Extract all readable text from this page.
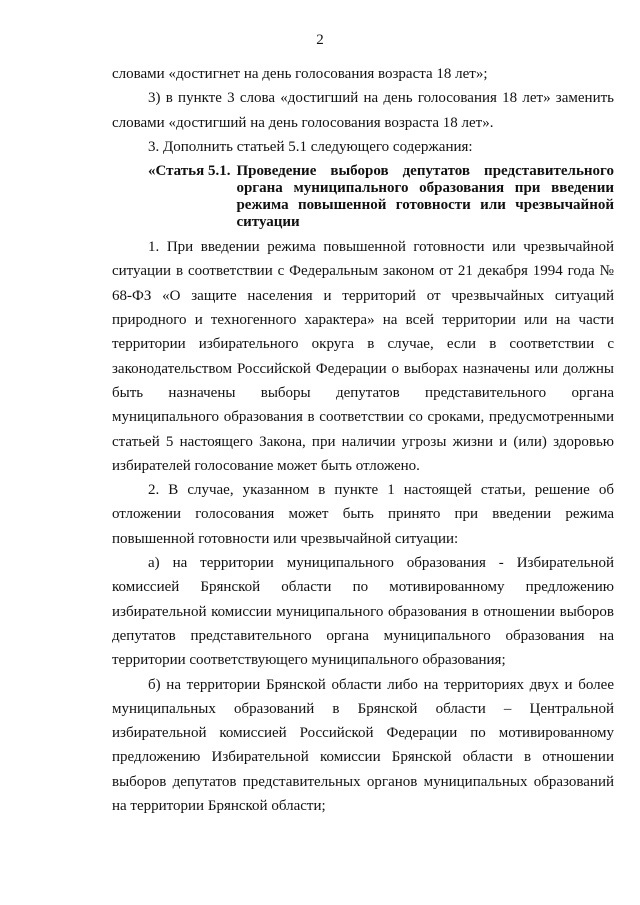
2

словами «достигнет на день голосования возраста 18 лет»;

3) в пункте 3 слова «достигший на день голосования 18 лет» заменить словами «достигший на день голосования возраста 18 лет».

3. Дополнить статьей 5.1 следующего содержания:

«Статья 5.1. Проведение выборов депутатов представительного органа муниципального образования при введении режима повышенной готовности или чрезвычайной ситуации

1. При введении режима повышенной готовности или чрезвычайной ситуации в соответствии с Федеральным законом от 21 декабря 1994 года № 68-ФЗ «О защите населения и территорий от чрезвычайных ситуаций природного и техногенного характера» на всей территории или на части территории избирательного округа в случае, если в соответствии с законодательством Российской Федерации о выборах назначены или должны быть назначены выборы депутатов представительного органа муниципального образования в соответствии со сроками, предусмотренными статьей 5 настоящего Закона, при наличии угрозы жизни и (или) здоровью избирателей голосование может быть отложено.

2. В случае, указанном в пункте 1 настоящей статьи, решение об отложении голосования может быть принято при введении режима повышенной готовности или чрезвычайной ситуации:

а) на территории муниципального образования - Избирательной комиссией Брянской области по мотивированному предложению избирательной комиссии муниципального образования в отношении выборов депутатов представительного органа муниципального образования на территории соответствующего муниципального образования;

б) на территории Брянской области либо на территориях двух и более муниципальных образований в Брянской области – Центральной избирательной комиссией Российской Федерации по мотивированному предложению Избирательной комиссии Брянской области в отношении выборов депутатов представительных органов муниципальных образований на территории Брянской области;
